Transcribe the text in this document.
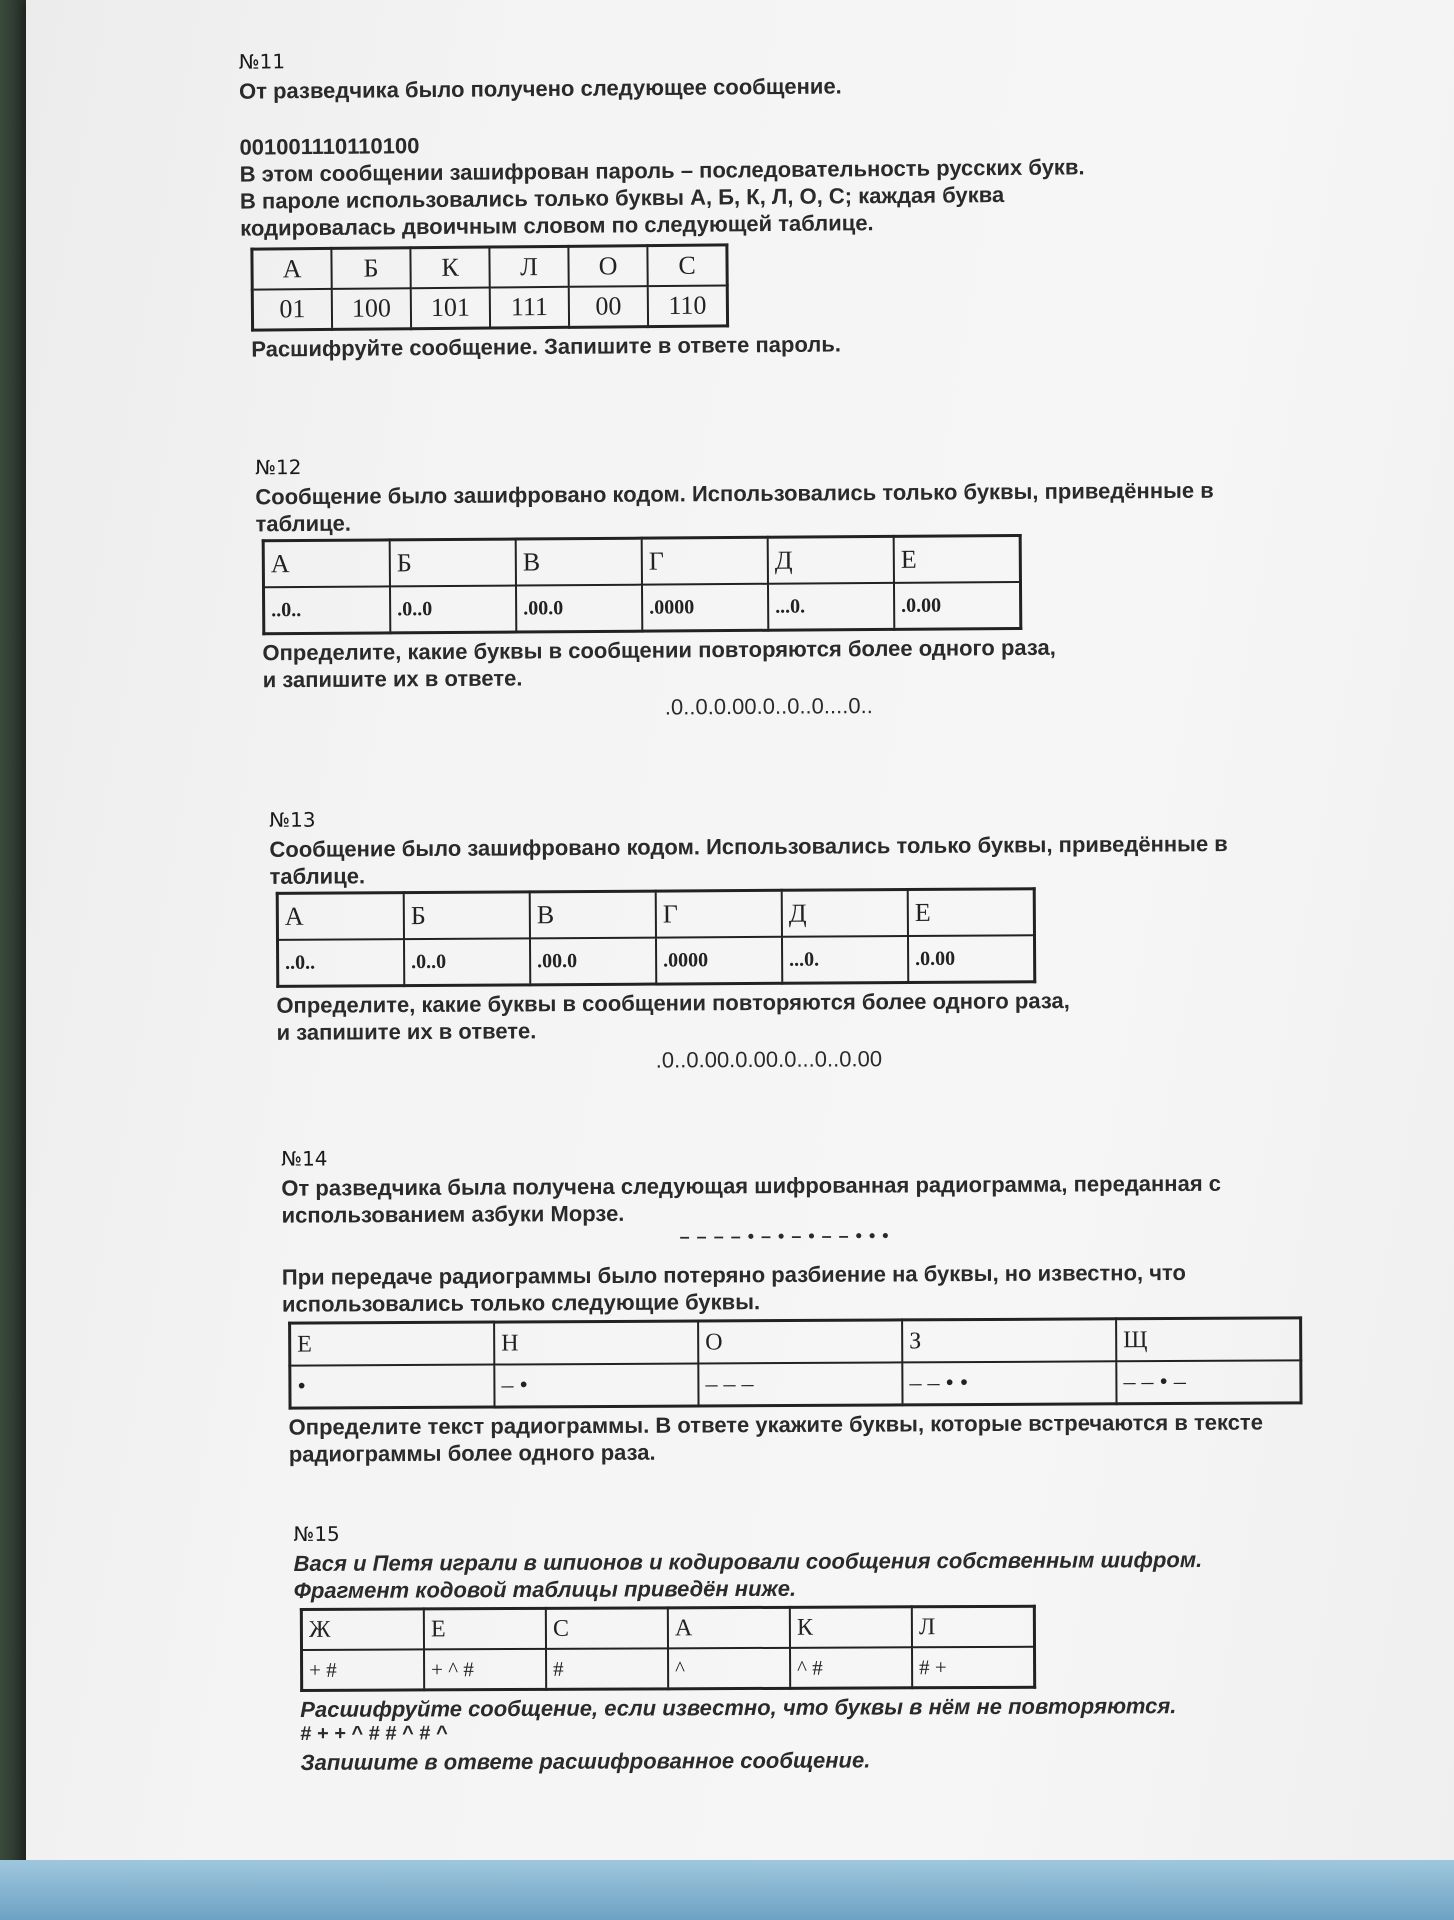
№11

От разведчика было получено следующее сообщение.

001001110110100

В этом сообщении зашифрован пароль – последовательность русских букв.

В пароле использовались только буквы А, Б, К, Л, О, С; каждая буква

кодировалась двоичным словом по следующей таблице.

А	Б	К	Л	О	С
01	100	101	111	00	110

Расшифруйте сообщение. Запишите в ответе пароль.

№12

Сообщение было зашифровано кодом. Использовались только буквы, приведённые в

таблице.

А	Б	В	Г	Д	Е
..0..	.0..0	.00.0	.0000	...0.	.0.00

Определите, какие буквы в сообщении повторяются более одного раза,

и запишите их в ответе.

.0..0.0.00.0..0..0....0..

№13

Сообщение было зашифровано кодом. Использовались только буквы, приведённые в

таблице.

А	Б	В	Г	Д	Е
..0..	.0..0	.00.0	.0000	...0.	.0.00

Определите, какие буквы в сообщении повторяются более одного раза,

и запишите их в ответе.

.0..0.00.0.00.0...0..0.00

№14

От разведчика была получена следующая шифрованная радиограмма, переданная с

использованием азбуки Морзе.

– – – – • – • – • – – • • •

При передаче радиограммы было потеряно разбиение на буквы, но известно, что

использовались только следующие буквы.

Е	Н	О	З	Щ
•	– •	– – –	– – • •	– – • –

Определите текст радиограммы. В ответе укажите буквы, которые встречаются в тексте

радиограммы более одного раза.

№15

Вася и Петя играли в шпионов и кодировали сообщения собственным шифром.

Фрагмент кодовой таблицы приведён ниже.

Ж	Е	С	А	К	Л
+ #	+ ^ #	#	^	^ #	# +

Расшифруйте сообщение, если известно, что буквы в нём не повторяются.

# + + ^ # # ^ # ^

Запишите в ответе расшифрованное сообщение.
